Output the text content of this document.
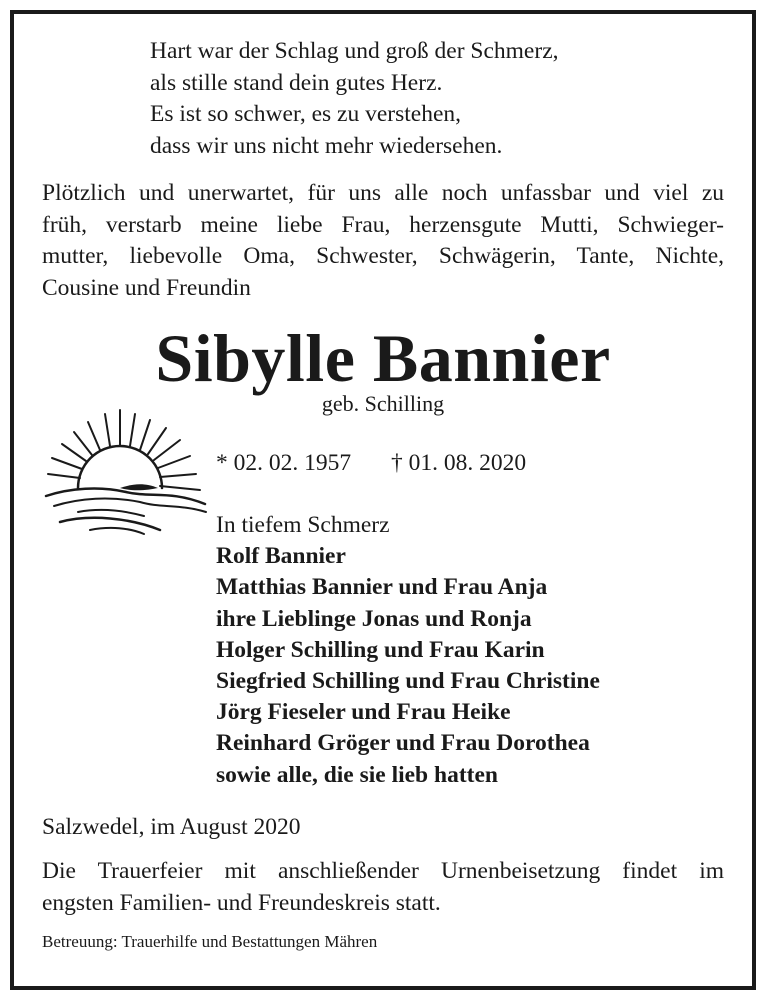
Hart war der Schlag und groß der Schmerz,
als stille stand dein gutes Herz.
Es ist so schwer, es zu verstehen,
dass wir uns nicht mehr wiedersehen.
Plötzlich und unerwartet, für uns alle noch unfassbar und viel zu
früh, verstarb meine liebe Frau, herzensgute Mutti, Schwieger-
mutter, liebevolle Oma, Schwester, Schwägerin, Tante, Nichte,
Cousine und Freundin
Sibylle Bannier
geb. Schilling
* 02. 02. 1957 † 01. 08. 2020
In tiefem Schmerz
Rolf Bannier
Matthias Bannier und Frau Anja
ihre Lieblinge Jonas und Ronja
Holger Schilling und Frau Karin
Siegfried Schilling und Frau Christine
Jörg Fieseler und Frau Heike
Reinhard Gröger und Frau Dorothea
sowie alle, die sie lieb hatten
Salzwedel, im August 2020
Die Trauerfeier mit anschließender Urnenbeisetzung findet im
engsten Familien- und Freundeskreis statt.
Betreuung: Trauerhilfe und Bestattungen Mähren
